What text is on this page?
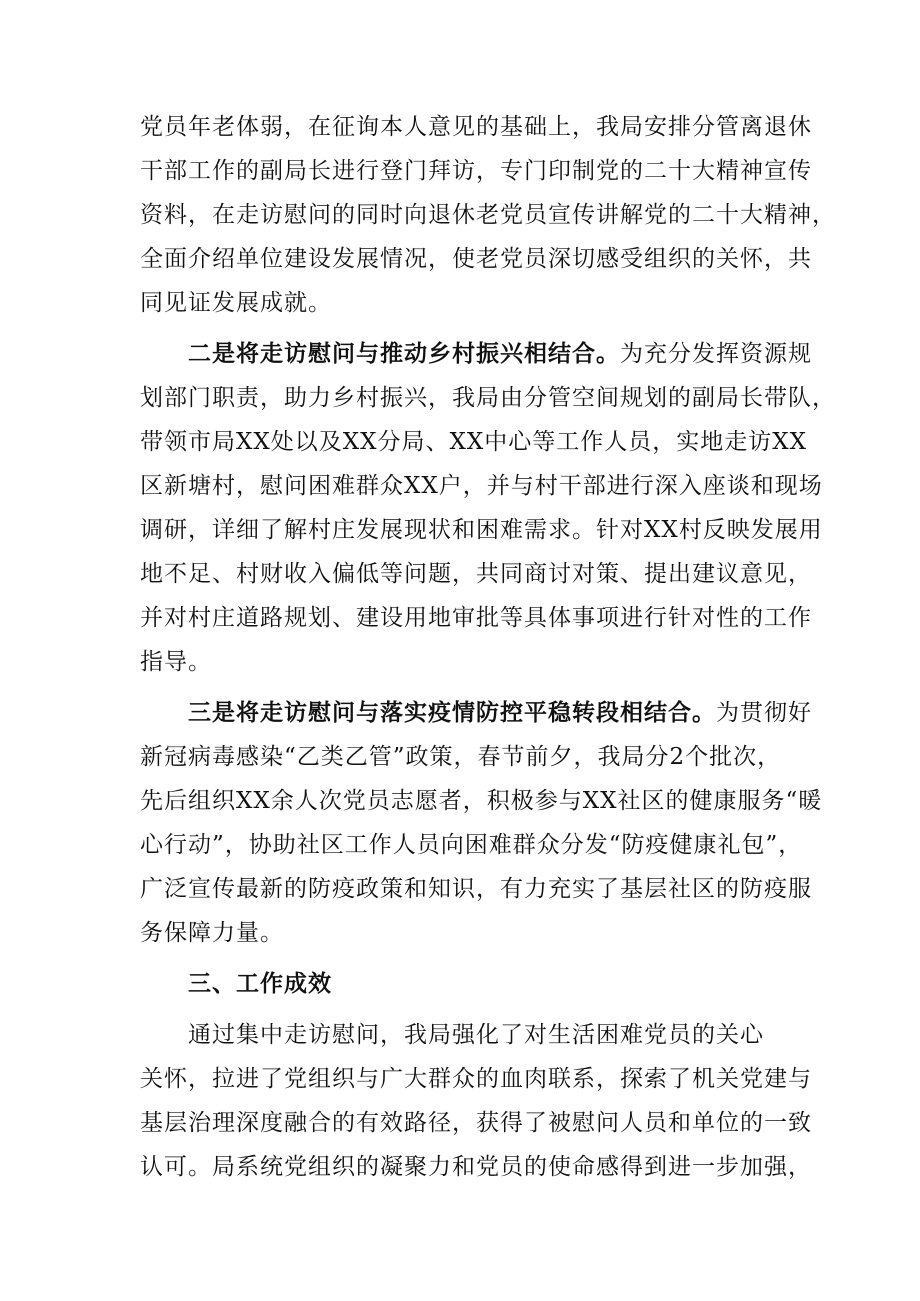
党员年老体弱，在征询本人意见的基础上，我局安排分管离退休
干部工作的副局长进行登门拜访，专门印制党的二十大精神宣传
资料，在走访慰问的同时向退休老党员宣传讲解党的二十大精神，
全面介绍单位建设发展情况，使老党员深切感受组织的关怀，共
同见证发展成就。
二是将走访慰问与推动乡村振兴相结合。为充分发挥资源规
划部门职责，助力乡村振兴，我局由分管空间规划的副局长带队，
带领市局XX处以及XX分局、XX中心等工作人员，实地走访XX
区新塘村，慰问困难群众XX户，并与村干部进行深入座谈和现场
调研，详细了解村庄发展现状和困难需求。针对XX村反映发展用
地不足、村财收入偏低等问题，共同商讨对策、提出建议意见，
并对村庄道路规划、建设用地审批等具体事项进行针对性的工作
指导。
三是将走访慰问与落实疫情防控平稳转段相结合。为贯彻好
新冠病毒感染“乙类乙管”政策，春节前夕，我局分2个批次，
先后组织XX余人次党员志愿者，积极参与XX社区的健康服务“暖
心行动”，协助社区工作人员向困难群众分发“防疫健康礼包”，
广泛宣传最新的防疫政策和知识，有力充实了基层社区的防疫服
务保障力量。
三、工作成效
通过集中走访慰问，我局强化了对生活困难党员的关心
关怀，拉进了党组织与广大群众的血肉联系，探索了机关党建与
基层治理深度融合的有效路径，获得了被慰问人员和单位的一致
认可。局系统党组织的凝聚力和党员的使命感得到进一步加强，
